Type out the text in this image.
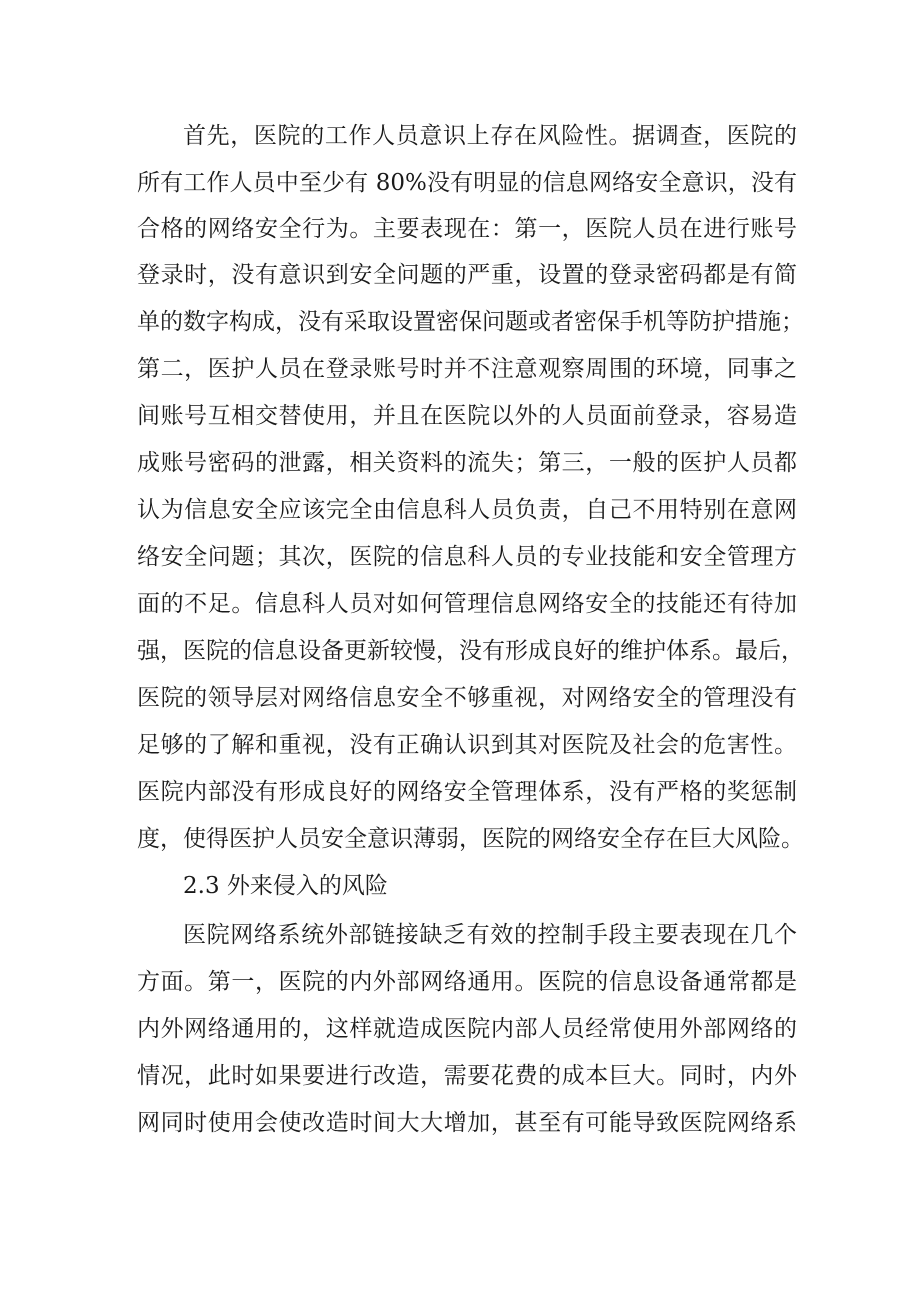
首先，医院的工作人员意识上存在风险性。据调查，医院的
所有工作人员中至少有 80%没有明显的信息网络安全意识，没有
合格的网络安全行为。主要表现在：第一，医院人员在进行账号
登录时，没有意识到安全问题的严重，设置的登录密码都是有简
单的数字构成，没有采取设置密保问题或者密保手机等防护措施；
第二，医护人员在登录账号时并不注意观察周围的环境，同事之
间账号互相交替使用，并且在医院以外的人员面前登录，容易造
成账号密码的泄露，相关资料的流失；第三，一般的医护人员都
认为信息安全应该完全由信息科人员负责，自己不用特别在意网
络安全问题；其次，医院的信息科人员的专业技能和安全管理方
面的不足。信息科人员对如何管理信息网络安全的技能还有待加
强，医院的信息设备更新较慢，没有形成良好的维护体系。最后，
医院的领导层对网络信息安全不够重视，对网络安全的管理没有
足够的了解和重视，没有正确认识到其对医院及社会的危害性。
医院内部没有形成良好的网络安全管理体系，没有严格的奖惩制
度，使得医护人员安全意识薄弱，医院的网络安全存在巨大风险。
2.3 外来侵入的风险
医院网络系统外部链接缺乏有效的控制手段主要表现在几个
方面。第一，医院的内外部网络通用。医院的信息设备通常都是
内外网络通用的，这样就造成医院内部人员经常使用外部网络的
情况，此时如果要进行改造，需要花费的成本巨大。同时，内外
网同时使用会使改造时间大大增加，甚至有可能导致医院网络系
